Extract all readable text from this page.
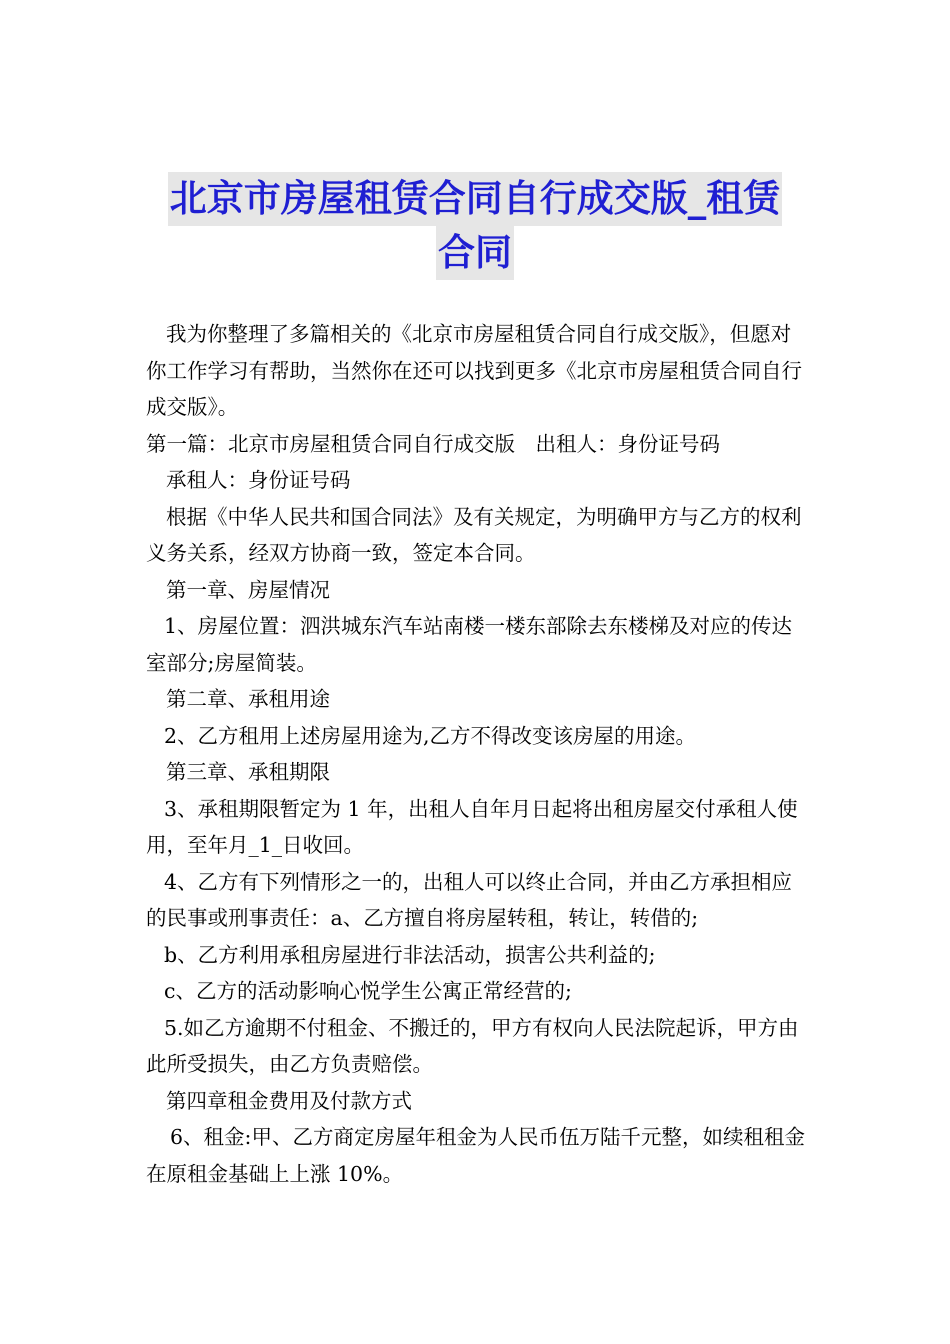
北京市房屋租赁合同自行成交版_租赁
合同

我为你整理了多篇相关的《北京市房屋租赁合同自行成交版》，但愿对你工作学习有帮助，当然你在还可以找到更多《北京市房屋租赁合同自行成交版》。

第一篇：北京市房屋租赁合同自行成交版　出租人：身份证号码

承租人：身份证号码

根据《中华人民共和国合同法》及有关规定，为明确甲方与乙方的权利义务关系，经双方协商一致，签定本合同。

第一章、房屋情况

1、房屋位置：泗洪城东汽车站南楼一楼东部除去东楼梯及对应的传达室部分;房屋简装。

第二章、承租用途

2、乙方租用上述房屋用途为,乙方不得改变该房屋的用途。

第三章、承租期限

3、承租期限暂定为 1 年，出租人自年月日起将出租房屋交付承租人使用，至年月_1_日收回。

4、乙方有下列情形之一的，出租人可以终止合同，并由乙方承担相应的民事或刑事责任：a、乙方擅自将房屋转租，转让，转借的;

b、乙方利用承租房屋进行非法活动，损害公共利益的;

c、乙方的活动影响心悦学生公寓正常经营的;

5.如乙方逾期不付租金、不搬迁的，甲方有权向人民法院起诉，甲方由此所受损失，由乙方负责赔偿。

第四章租金费用及付款方式

6、租金:甲、乙方商定房屋年租金为人民币伍万陆千元整，如续租租金在原租金基础上上涨 10%。
